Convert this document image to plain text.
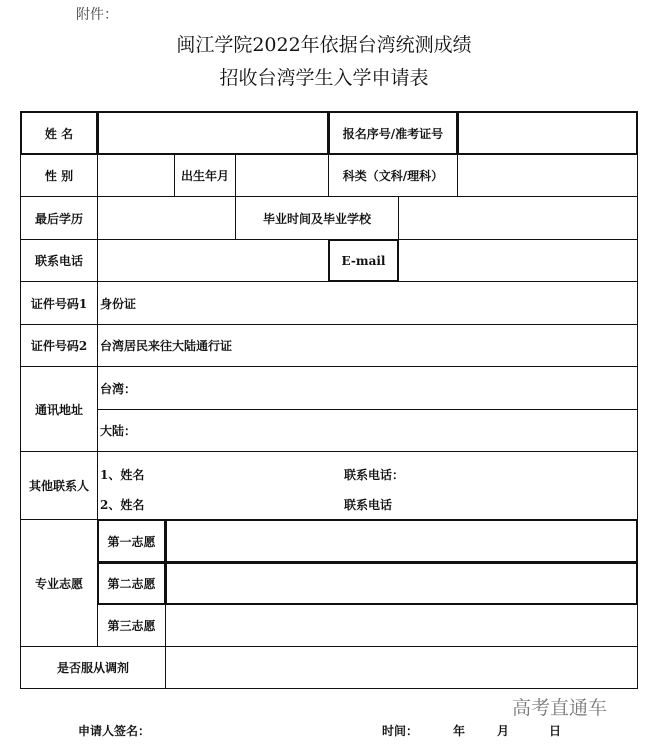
附件：
闽江学院2022年依据台湾统测成绩
招收台湾学生入学申请表
姓 名	报名序号/准考证号
性 别	出生年月	科类（文科/理科）
最后学历	毕业时间及毕业学校
联系电话	E-mail
证件号码1	身份证
证件号码2	台湾居民来往大陆通行证
通讯地址
台湾：
大陆：
其他联系人
1、姓名	联系电话：
2、姓名	联系电话
专业志愿
第一志愿
第二志愿
第三志愿
是否服从调剂
高考直通车
申请人签名：	时间：	年	月	日
